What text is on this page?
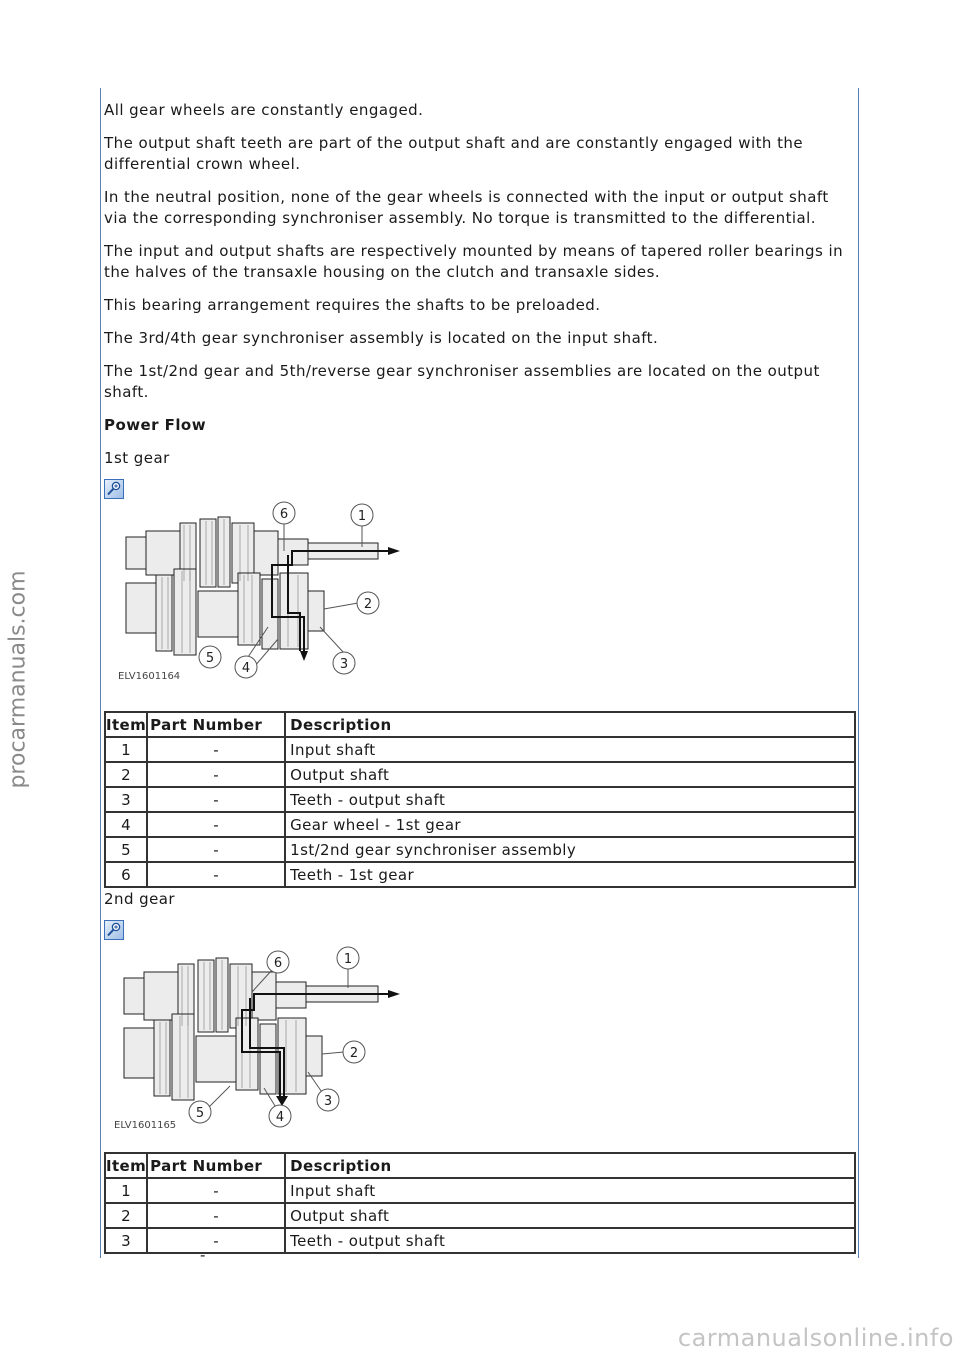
procarmanuals.com
carmanualsonline.info

All gear wheels are constantly engaged.

The output shaft teeth are part of the output shaft and are constantly engaged with the differential crown wheel.

In the neutral position, none of the gear wheels is connected with the input or output shaft via the corresponding synchroniser assembly. No torque is transmitted to the differential.

The input and output shafts are respectively mounted by means of tapered roller bearings in the halves of the transaxle housing on the clutch and transaxle sides.

This bearing arrangement requires the shafts to be preloaded.

The 3rd/4th gear synchroniser assembly is located on the input shaft.

The 1st/2nd gear and 5th/reverse gear synchroniser assemblies are located on the output shaft.

Power Flow

1st gear

6	1
2
3
4
5
ELV1601164
Item	Part Number	Description
1	-	Input shaft
2	-	Output shaft
3	-	Teeth - output shaft
4	-	Gear wheel - 1st gear
5	-	1st/2nd gear synchroniser assembly
6	-	Teeth - 1st gear
2nd gear
6	1
2
3
4
5
ELV1601165
Item	Part Number	Description
1	-	Input shaft
2	-	Output shaft
3	-	Teeth - output shaft
-
